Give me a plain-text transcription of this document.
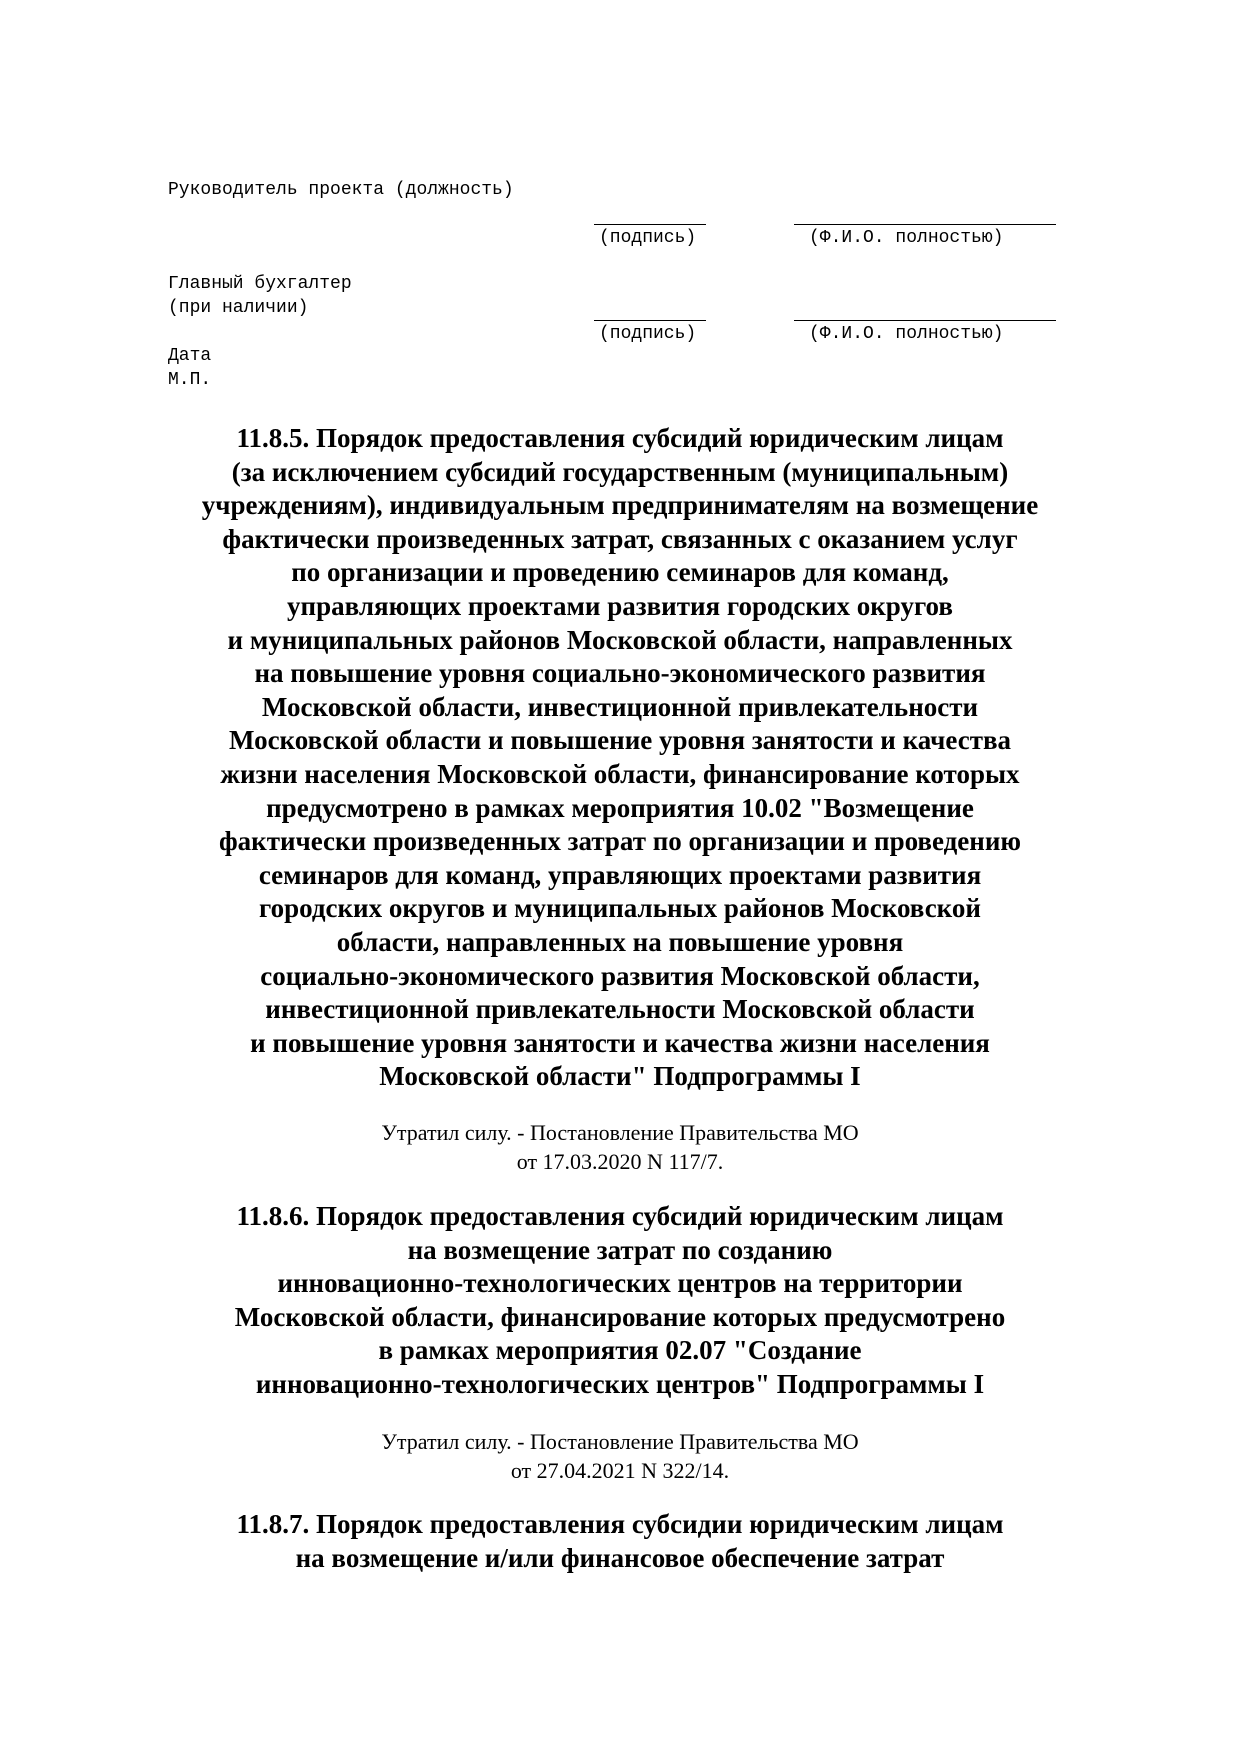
Руководитель проекта (должность)
(подпись)	(Ф.И.О. полностью)
Главный бухгалтер
(при наличии)
(подпись)	(Ф.И.О. полностью)
Дата
М.П.
11.8.5. Порядок предоставления субсидий юридическим лицам
(за исключением субсидий государственным (муниципальным)
учреждениям), индивидуальным предпринимателям на возмещение
фактически произведенных затрат, связанных с оказанием услуг
по организации и проведению семинаров для команд,
управляющих проектами развития городских округов
и муниципальных районов Московской области, направленных
на повышение уровня социально-экономического развития
Московской области, инвестиционной привлекательности
Московской области и повышение уровня занятости и качества
жизни населения Московской области, финансирование которых
предусмотрено в рамках мероприятия 10.02 "Возмещение
фактически произведенных затрат по организации и проведению
семинаров для команд, управляющих проектами развития
городских округов и муниципальных районов Московской
области, направленных на повышение уровня
социально-экономического развития Московской области,
инвестиционной привлекательности Московской области
и повышение уровня занятости и качества жизни населения
Московской области" Подпрограммы I
Утратил силу. - Постановление Правительства МО
от 17.03.2020 N 117/7.
11.8.6. Порядок предоставления субсидий юридическим лицам
на возмещение затрат по созданию
инновационно-технологических центров на территории
Московской области, финансирование которых предусмотрено
в рамках мероприятия 02.07 "Создание
инновационно-технологических центров" Подпрограммы I
Утратил силу. - Постановление Правительства МО
от 27.04.2021 N 322/14.
11.8.7. Порядок предоставления субсидии юридическим лицам
на возмещение и/или финансовое обеспечение затрат
